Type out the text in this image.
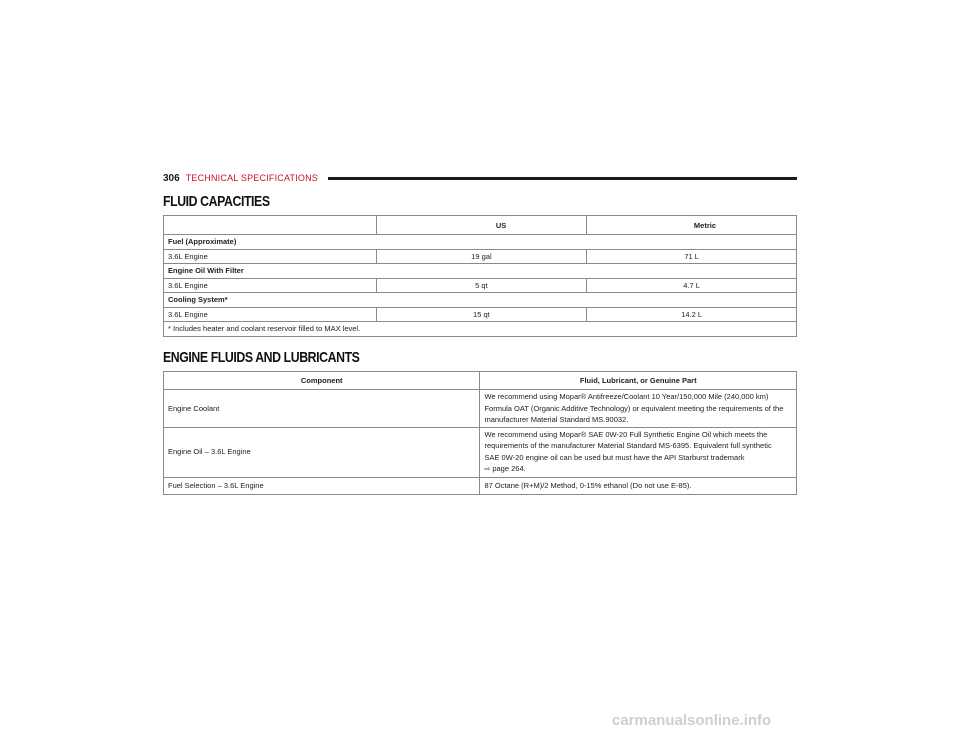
306 TECHNICAL SPECIFICATIONS
FLUID CAPACITIES
	US	Metric
Fuel (Approximate)		
3.6L Engine	19 gal	71 L
Engine Oil With Filter		
3.6L Engine	5 qt	4.7 L
Cooling System*		
3.6L Engine	15 qt	14.2 L
* Includes heater and coolant reservoir filled to MAX level.		
ENGINE FLUIDS AND LUBRICANTS
Component	Fluid, Lubricant, or Genuine Part
Engine Coolant	We recommend using Mopar® Antifreeze/Coolant 10 Year/150,000 Mile (240,000 km)
Formula OAT (Organic Additive Technology) or equivalent meeting the requirements of the
manufacturer Material Standard MS.90032.

Engine Oil – 3.6L Engine	We recommend using Mopar® SAE 0W-20 Full Synthetic Engine Oil which meets the
requirements of the manufacturer Material Standard MS-6395. Equivalent full synthetic
SAE 0W-20 engine oil can be used but must have the API Starburst trademark
⇨ page 264.

Fuel Selection – 3.6L Engine	87 Octane (R+M)/2 Method, 0-15% ethanol (Do not use E-85).
carmanualsonline.info
